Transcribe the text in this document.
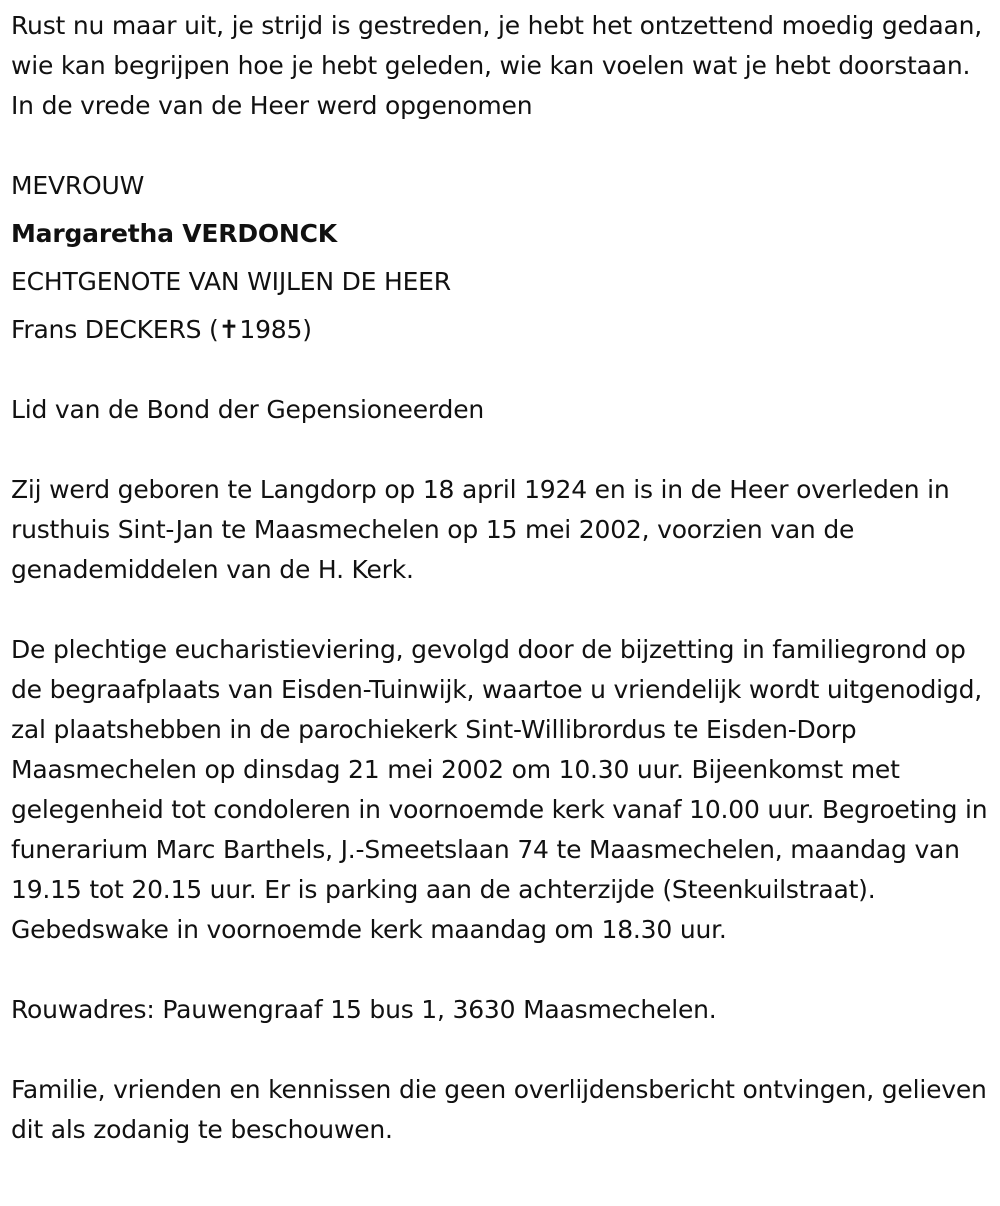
Rust nu maar uit, je strijd is gestreden, je hebt het ontzettend moedig gedaan, wie kan begrijpen hoe je hebt geleden, wie kan voelen wat je hebt doorstaan. In de vrede van de Heer werd opgenomen

MEVROUW

Margaretha VERDONCK

ECHTGENOTE VAN WIJLEN DE HEER

Frans DECKERS (✝1985)

Lid van de Bond der Gepensioneerden

Zij werd geboren te Langdorp op 18 april 1924 en is in de Heer overleden in rusthuis Sint-Jan te Maasmechelen op 15 mei 2002, voorzien van de genademiddelen van de H. Kerk.

De plechtige eucharistieviering, gevolgd door de bijzetting in familiegrond op de begraafplaats van Eisden-Tuinwijk, waartoe u vriendelijk wordt uitgenodigd, zal plaatshebben in de parochiekerk Sint-Willibrordus te Eisden-Dorp Maasmechelen op dinsdag 21 mei 2002 om 10.30 uur. Bijeenkomst met gelegenheid tot condoleren in voornoemde kerk vanaf 10.00 uur. Begroeting in funerarium Marc Barthels, J.-Smeetslaan 74 te Maasmechelen, maandag van 19.15 tot 20.15 uur. Er is parking aan de achterzijde (Steenkuilstraat). Gebedswake in voornoemde kerk maandag om 18.30 uur.

Rouwadres: Pauwengraaf 15 bus 1, 3630 Maasmechelen.

Familie, vrienden en kennissen die geen overlijdensbericht ontvingen, gelieven dit als zodanig te beschouwen.
